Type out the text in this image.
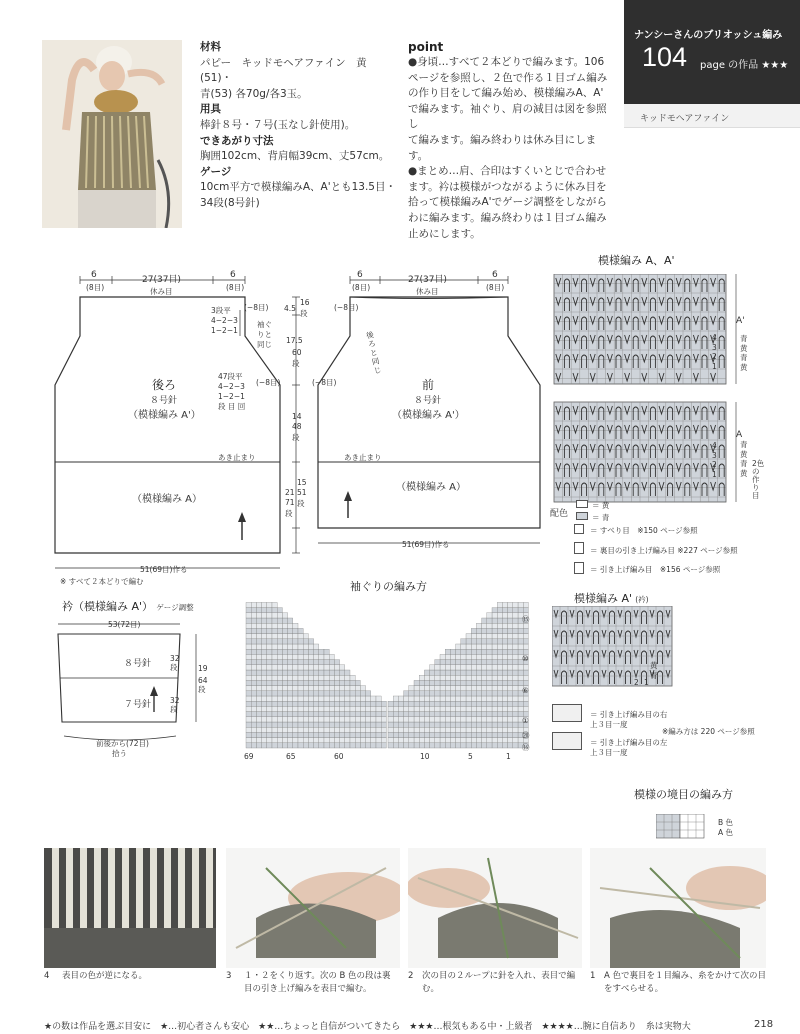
材料
パピー　キッドモヘアファイン　黄(51)・
青(53) 各70g/各3玉。
用具
棒針８号・７号(玉なし針使用)。
できあがり寸法
胸囲102cm、背肩幅39cm、丈57cm。
ゲージ
10cm平方で模様編みA、A'とも13.5目・
34段(8号針)
point
●身頃…すべて２本どりで編みます。106
ページを参照し、２色で作る１目ゴム編み
の作り目をして編み始め、模様編みA、A'
で編みます。袖ぐり、肩の減目は図を参照し
て編みます。編み終わりは休み目にします。
●まとめ…肩、合印はすくいとじで合わせ
ます。衿は模様がつながるように休み目を
拾って模様編みA'でゲージ調整をしながら
わに編みます。編み終わりは１目ゴム編み
止めにします。
ナンシーさんのブリオッシュ編み
104 page の作品 ★★★
キッドモヘアファイン
6
(8目)
27(37目)
休み目
6
(8目)
(−8目)
3段平
4−2−3
1−2−1
袖ぐりと同じ
後ろ
８号針
（模様編み A'）
47段平
4−2−3
1−2−1
段 目 回
(−8目)
あき止まり
（模様編み A）
51(69目)作る
※ すべて２本どりで編む
4.5
16
段
17.5
60
段
14
48
段
15
51
段
21
71
段
6
(8目)
27(37目)
休み目
6
(8目)
(−8目)
後ろと同じ
(−8目)	前
８号針
（模様編み A'）
あき止まり
（模様編み A）
51(69目)作る
衿（模様編み A'） ゲージ調整
53(72目)
８号針
７号針
32段
32段
19
64段
前後から(72目)
拾う
模様編み A、A'
A'
A
4
3
2
1
青
黄
青
黄
4
3
2
1
青
黄
青
黄
2色
の作り目
配色
＝ 黄
＝ 青
＝ すべり目　※150 ページ参照
＝ 裏目の引き上げ編み目 ※227 ページ参照
＝ 引き上げ編み目　※156 ページ参照
袖ぐりの編み方
69	65	60	10	5	1
⑮
⑩
⑥
①
⑳
⑯
模様編み A' (衿)
黄
青
2 1
＝ 引き上げ編み目の右上３目一度
＝ 引き上げ編み目の左上３目一度
※編み方は 220 ページ参照
模様の境目の編み方
B 色
A 色
4 表目の色が逆になる。	3 １・２をくり返す。次の B 色の段は裏目の引き上げ編みを表目で編む。
2 次の目の２ループに針を入れ、表目で編む。
1 A 色で裏目を１目編み、糸をかけて次の目をすべらせる。
★の数は作品を選ぶ目安に　★…初心者さんも安心　★★…ちょっと自信がついてきたら　★★★…根気もある中・上級者　★★★★…腕に自信あり　糸は実物大	218
